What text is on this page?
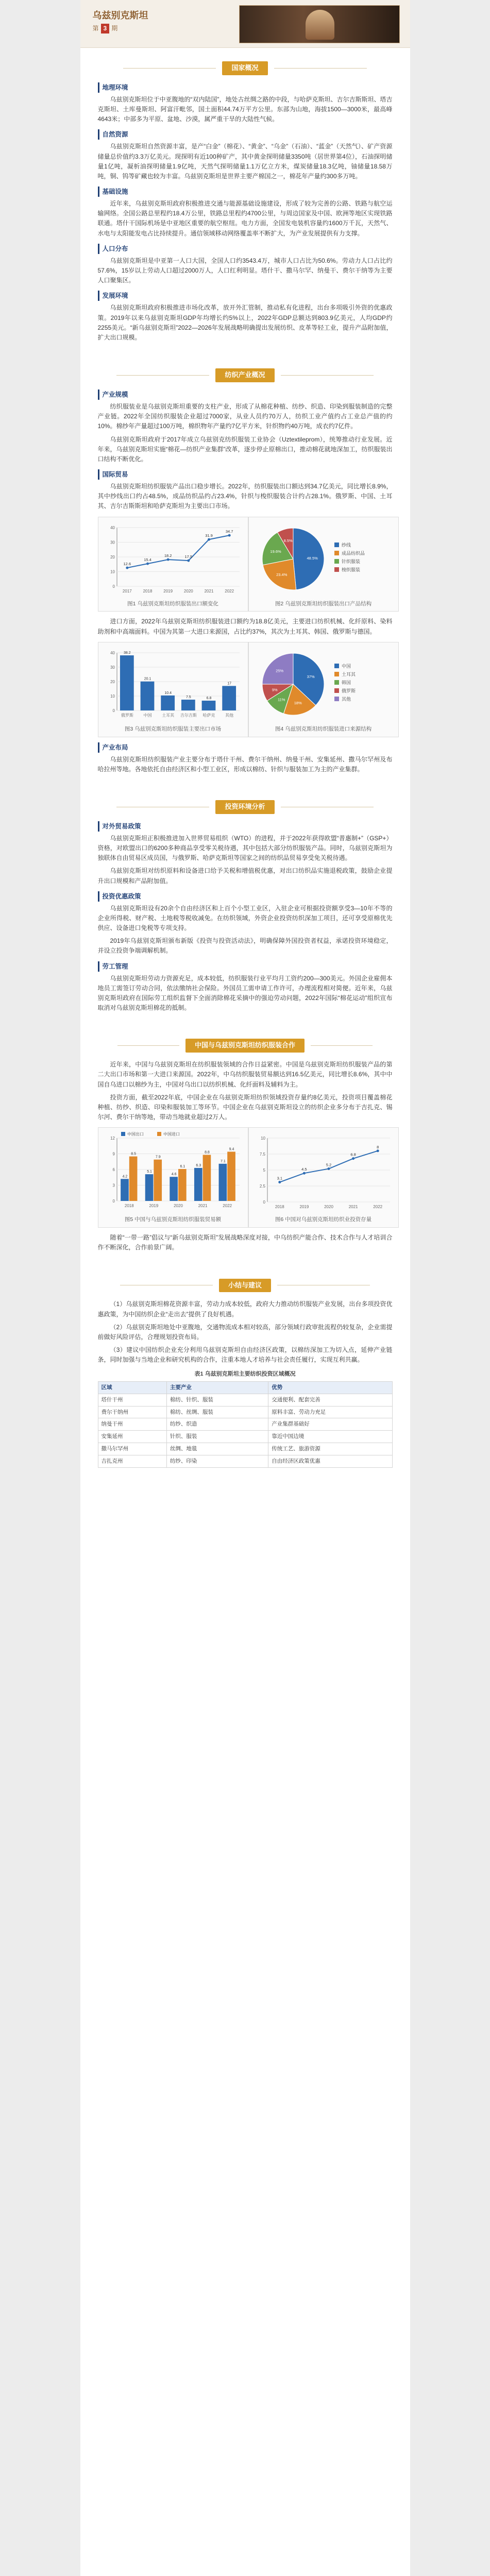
乌兹别克斯坦
第 3 期
国家概况
地理环境

乌兹别克斯坦位于中亚腹地的“双内陆国”，地处古丝绸之路的中段，与哈萨克斯坦、吉尔吉斯斯坦、塔吉克斯坦、土库曼斯坦、阿富汗毗邻，国土面积44.74万平方公里。东部为山地，海拔1500—3000米，最高峰4643米；中部多为平原、盆地、沙漠，属严重干旱的大陆性气候。

自然资源

乌兹别克斯坦自然资源丰富，是产“白金”（棉花）、“黄金”、“乌金”（石油）、“蓝金”（天然气）、矿产资源储量总价值约3.3万亿美元。现探明有近100种矿产，其中黄金探明储量3350吨（居世界第4位），石油探明储量1亿吨，凝析油探明储量1.9亿吨，天然气探明储量1.1万亿立方米，煤炭储量18.3亿吨，铀储量18.58万吨，铜、钨等矿藏也较为丰富。乌兹别克斯坦是世界主要产棉国之一，棉花年产量约300多万吨。

基础设施

近年来，乌兹别克斯坦政府积极推进交通与能源基础设施建设，形成了较为完善的公路、铁路与航空运输网络。全国公路总里程约18.4万公里，铁路总里程约4700公里，与周边国家及中国、欧洲等地区实现铁路联通。塔什干国际机场是中亚地区重要的航空枢纽。电力方面，全国发电装机容量约1600万千瓦，天然气、水电与太阳能发电占比持续提升。通信领域移动网络覆盖率不断扩大，为产业发展提供有力支撑。

人口分布

乌兹别克斯坦是中亚第一人口大国，全国人口约3543.4万，城市人口占比为50.6%。劳动力人口占比约57.6%，15岁以上劳动人口超过2000万人，人口红利明显。塔什干、撒马尔罕、纳曼干、费尔干纳等为主要人口聚集区。

发展环境

乌兹别克斯坦政府积极推进市场化改革，放开外汇管制，推动私有化进程，出台多项吸引外资的优惠政策。2019年以来乌兹别克斯坦GDP年均增长约5%以上，2022年GDP总额达到803.9亿美元，人均GDP约2255美元。“新乌兹别克斯坦”2022—2026年发展战略明确提出发展纺织、皮革等轻工业，提升产品附加值，扩大出口规模。

纺织产业概况
产业规模

纺织服装业是乌兹别克斯坦重要的支柱产业，形成了从棉花种植、纺纱、织造、印染到服装制造的完整产业链。2022年全国纺织服装企业超过7000家，从业人员约70万人，纺织工业产值约占工业总产值的约10%。棉纱年产量超过100万吨，棉织物年产量约7亿平方米，针织物约40万吨，成衣约7亿件。

乌兹别克斯坦政府于2017年成立乌兹别克纺织服装工业协会（Uztextileprom），统筹推动行业发展。近年来，乌兹别克斯坦实施“棉花—纺织产业集群”改革，逐步停止原棉出口，推动棉花就地深加工，纺织服装出口结构不断优化。

国际贸易

乌兹别克斯坦纺织服装产品出口稳步增长。2022年，纺织服装出口额达到34.7亿美元，同比增长8.9%，其中纱线出口约占48.5%，成品纺织品约占23.4%，针织与梭织服装合计约占28.1%。俄罗斯、中国、土耳其、吉尔吉斯斯坦和哈萨克斯坦为主要出口市场。

0
10
20
30
40
2017	2018	2019	2020	2021	2022
12.6
15.4
18.2	17.5
31.9
34.7
图1 乌兹别克斯坦纺织服装出口额变化
48.5%
23.4%
19.6%
8.5%
纱线
成品纺织品
针织服装
梭织服装
图2 乌兹别克斯坦纺织服装出口产品结构

进口方面，2022年乌兹别克斯坦纺织服装进口额约为18.8亿美元，主要进口纺织机械、化纤原料、染料助剂和中高端面料。中国为其第一大进口来源国，占比约37%，其次为土耳其、韩国、俄罗斯与德国。

0
10
20
30
40
俄罗斯
38.2
中国
20.1
土耳其
10.4
吉尔吉斯
7.5
哈萨克
6.8
其他
17
图3 乌兹别克斯坦纺织服装主要出口市场
37%
18%
11%
9%
25%
中国
土耳其
韩国
俄罗斯
其他
图4 乌兹别克斯坦纺织服装进口来源结构
产业布局

乌兹别克斯坦纺织服装产业主要分布于塔什干州、费尔干纳州、纳曼干州、安集延州、撒马尔罕州及布哈拉州等地。各地依托自由经济区和小型工业区，形成以棉纺、针织与服装加工为主的产业集群。

投资环境分析
对外贸易政策

乌兹别克斯坦正积极推进加入世界贸易组织（WTO）的进程，并于2022年获得欧盟“普惠制+”（GSP+）资格，对欧盟出口的6200多种商品享受零关税待遇，其中包括大部分纺织服装产品。同时，乌兹别克斯坦为独联体自由贸易区成员国，与俄罗斯、哈萨克斯坦等国家之间的纺织品贸易享受免关税待遇。

乌兹别克斯坦对纺织原料和设备进口给予关税和增值税优惠，对出口纺织品实施退税政策，鼓励企业提升出口规模和产品附加值。

投资优惠政策

乌兹别克斯坦设有20余个自由经济区和上百个小型工业区，入驻企业可根据投资额享受3—10年不等的企业所得税、财产税、土地税等税收减免。在纺织领域，外资企业投资纺织深加工项目，还可享受原棉优先供应、设备进口免税等专项支持。

2019年乌兹别克斯坦颁布新版《投资与投资活动法》，明确保障外国投资者权益，承诺投资环境稳定，并设立投资争端调解机制。

劳工管理

乌兹别克斯坦劳动力资源充足，成本较低，纺织服装行业平均月工资约200—300美元。外国企业雇佣本地员工需签订劳动合同，依法缴纳社会保险。外国员工需申请工作许可，办理流程相对简便。近年来，乌兹别克斯坦政府在国际劳工组织监督下全面消除棉花采摘中的强迫劳动问题，2022年国际“棉花运动”组织宣布取消对乌兹别克斯坦棉花的抵制。

中国与乌兹别克斯坦纺织服装合作

近年来，中国与乌兹别克斯坦在纺织服装领域的合作日益紧密。中国是乌兹别克斯坦纺织服装产品的第二大出口市场和第一大进口来源国。2022年，中乌纺织服装贸易额达到16.5亿美元，同比增长8.6%，其中中国自乌进口以棉纱为主，中国对乌出口以纺织机械、化纤面料及辅料为主。

投资方面，截至2022年底，中国企业在乌兹别克斯坦纺织领域投资存量约8亿美元，投资项目覆盖棉花种植、纺纱、织造、印染和服装加工等环节。中国企业在乌兹别克斯坦设立的纺织企业多分布于吉扎克、锡尔河、费尔干纳等地，带动当地就业超过2万人。

0
3
6
9
12
2018
4.2
8.5
2019
5.1
7.9
2020
4.6
6.1
2021
6.3
8.8
2022
7.1
9.4
中国出口	中国进口
图5 中国与乌兹别克斯坦纺织服装贸易额
0
2.5
5
7.5
10
2018	2019	2020	2021	2022
3.1
4.5
5.2
6.8
8
图6 中国对乌兹别克斯坦纺织业投资存量

随着“一带一路”倡议与“新乌兹别克斯坦”发展战略深度对接，中乌纺织产能合作、技术合作与人才培训合作不断深化，合作前景广阔。

小结与建议

（1）乌兹别克斯坦棉花资源丰富，劳动力成本较低，政府大力推动纺织服装产业发展，出台多项投资优惠政策，为中国纺织企业“走出去”提供了良好机遇。

（2）乌兹别克斯坦地处中亚腹地，交通物流成本相对较高，部分领域行政审批流程仍较复杂，企业需提前做好风险评估，合理规划投资布局。

（3）建议中国纺织企业充分利用乌兹别克斯坦自由经济区政策，以棉纺深加工为切入点，延伸产业链条，同时加强与当地企业和研究机构的合作，注重本地人才培养与社会责任履行，实现互利共赢。

表1 乌兹别克斯坦主要纺织投资区域概况
区域	主要产业	优势
塔什干州	棉纺、针织、服装	交通便利、配套完善
费尔干纳州	棉纺、丝绸、服装	原料丰富、劳动力充足
纳曼干州	纺纱、织造	产业集群基础好
安集延州	针织、服装	靠近中国边境
撒马尔罕州	丝绸、地毯	传统工艺、旅游资源
吉扎克州	纺纱、印染	自由经济区政策优惠
